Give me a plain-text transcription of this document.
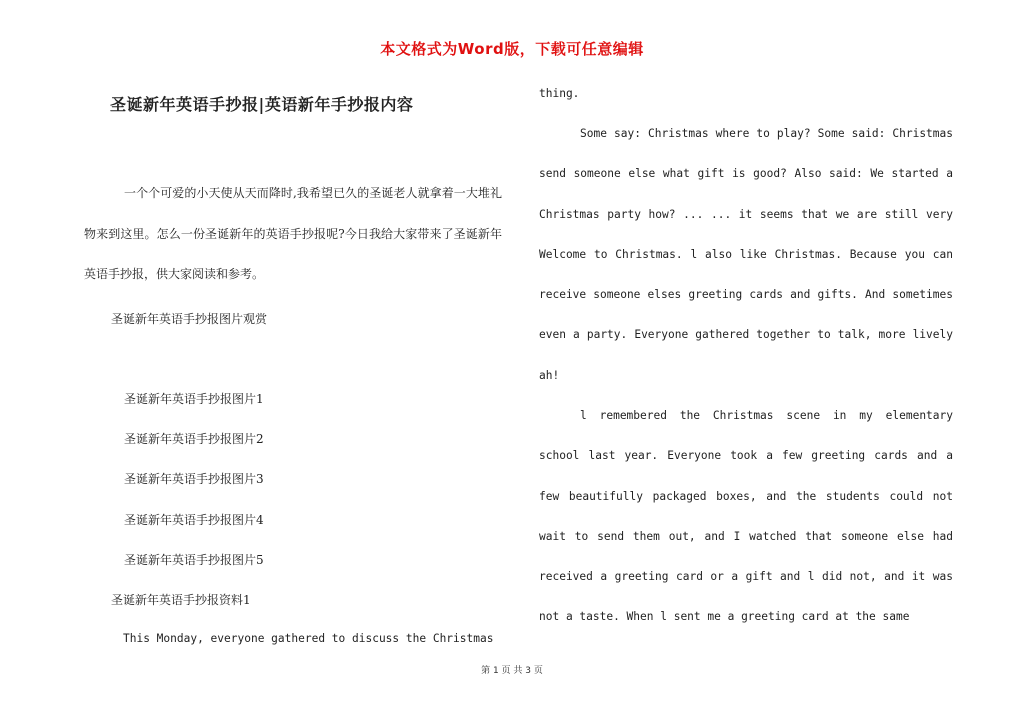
本文格式为Word版，下载可任意编辑
圣诞新年英语手抄报|英语新年手抄报内容

一个个可爱的小天使从天而降时,我希望已久的圣诞老人就拿着一大堆礼物来到这里。怎么一份圣诞新年的英语手抄报呢?今日我给大家带来了圣诞新年英语手抄报，供大家阅读和参考。

圣诞新年英语手抄报图片观赏
圣诞新年英语手抄报图片1
圣诞新年英语手抄报图片2
圣诞新年英语手抄报图片3
圣诞新年英语手抄报图片4
圣诞新年英语手抄报图片5
圣诞新年英语手抄报资料1
This Monday, everyone gathered to discuss the Christmas
thing.

Some say: Christmas where to play? Some said: Christmas send someone else what gift is good? Also said: We started a Christmas party how? ... ... it seems that we are still very Welcome to Christmas. l also like Christmas. Because you can receive someone elses greeting cards and gifts. And sometimes even a party. Everyone gathered together to talk, more lively ah!

l remembered the Christmas scene in my elementary school last year. Everyone took a few greeting cards and a few beautifully packaged boxes, and the students could not wait to send them out, and I watched that someone else had received a greeting card or a gift and l did not, and it was not a taste. When l sent me a greeting card at the same

第 1 页 共 3 页
